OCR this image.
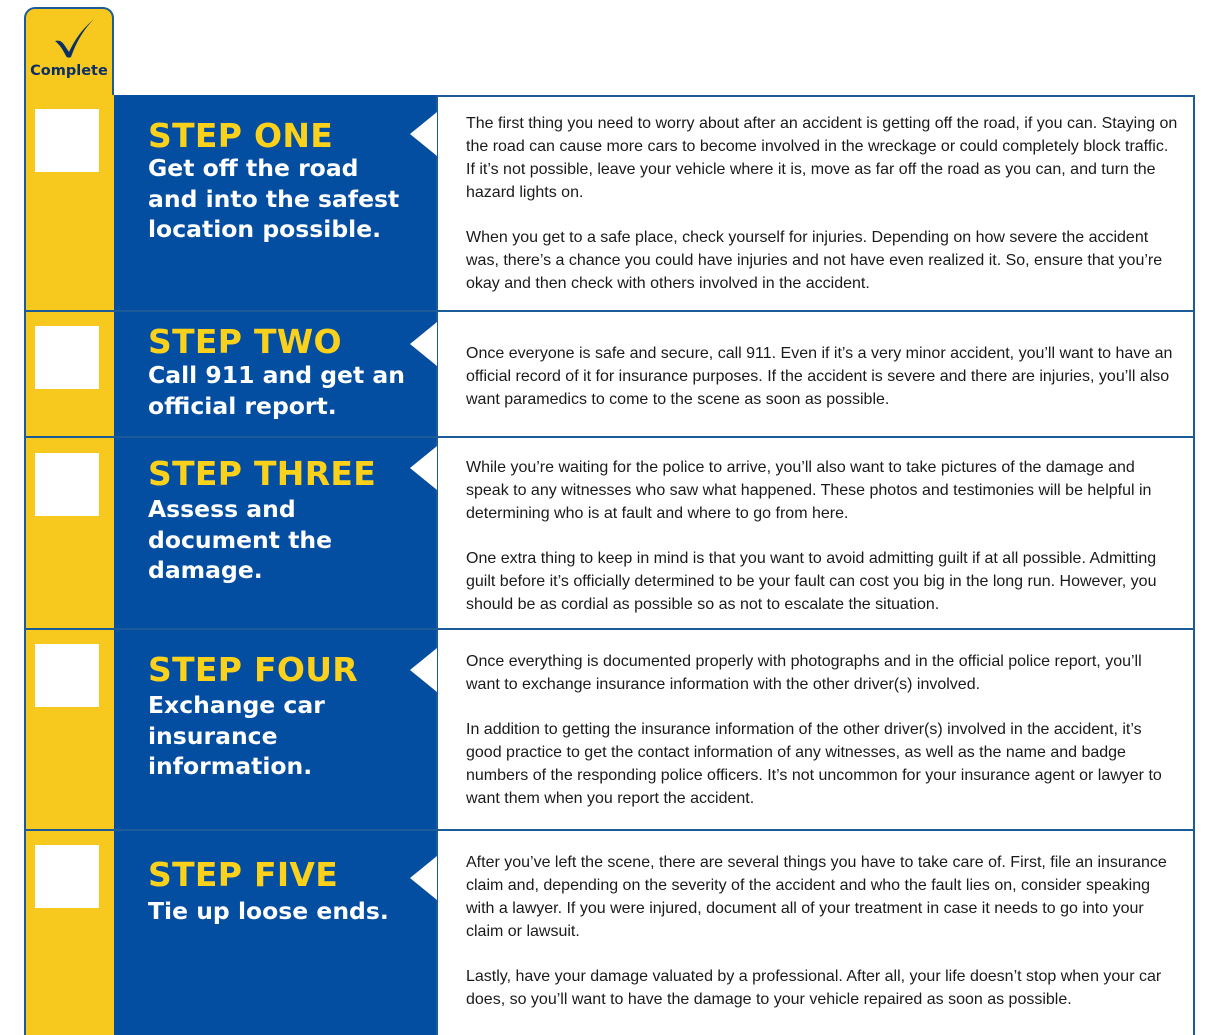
Complete
STEP ONE
Get off the road and into the safest location possible.

The first thing you need to worry about after an accident is getting off the road, if you can. Staying on the road can cause more cars to become involved in the wreckage or could completely block traffic. If it’s not possible, leave your vehicle where it is, move as far off the road as you can, and turn the hazard lights on.

When you get to a safe place, check yourself for injuries. Depending on how severe the accident was, there’s a chance you could have injuries and not have even realized it. So, ensure that you’re okay and then check with others involved in the accident.

STEP TWO
Call 911 and get an official report.

Once everyone is safe and secure, call 911. Even if it’s a very minor accident, you’ll want to have an official record of it for insurance purposes. If the accident is severe and there are injuries, you’ll also want paramedics to come to the scene as soon as possible.

STEP THREE
Assess and document the damage.

While you’re waiting for the police to arrive, you’ll also want to take pictures of the damage and speak to any witnesses who saw what happened. These photos and testimonies will be helpful in determining who is at fault and where to go from here.

One extra thing to keep in mind is that you want to avoid admitting guilt if at all possible. Admitting guilt before it’s officially determined to be your fault can cost you big in the long run. However, you should be as cordial as possible so as not to escalate the situation.

STEP FOUR
Exchange car insurance information.

Once everything is documented properly with photographs and in the official police report, you’ll want to exchange insurance information with the other driver(s) involved.

In addition to getting the insurance information of the other driver(s) involved in the accident, it’s good practice to get the contact information of any witnesses, as well as the name and badge numbers of the responding police officers. It’s not uncommon for your insurance agent or lawyer to want them when you report the accident.

STEP FIVE
Tie up loose ends.

After you’ve left the scene, there are several things you have to take care of. First, file an insurance claim and, depending on the severity of the accident and who the fault lies on, consider speaking with a lawyer. If you were injured, document all of your treatment in case it needs to go into your claim or lawsuit.

Lastly, have your damage valuated by a professional. After all, your life doesn’t stop when your car does, so you’ll want to have the damage to your vehicle repaired as soon as possible.
